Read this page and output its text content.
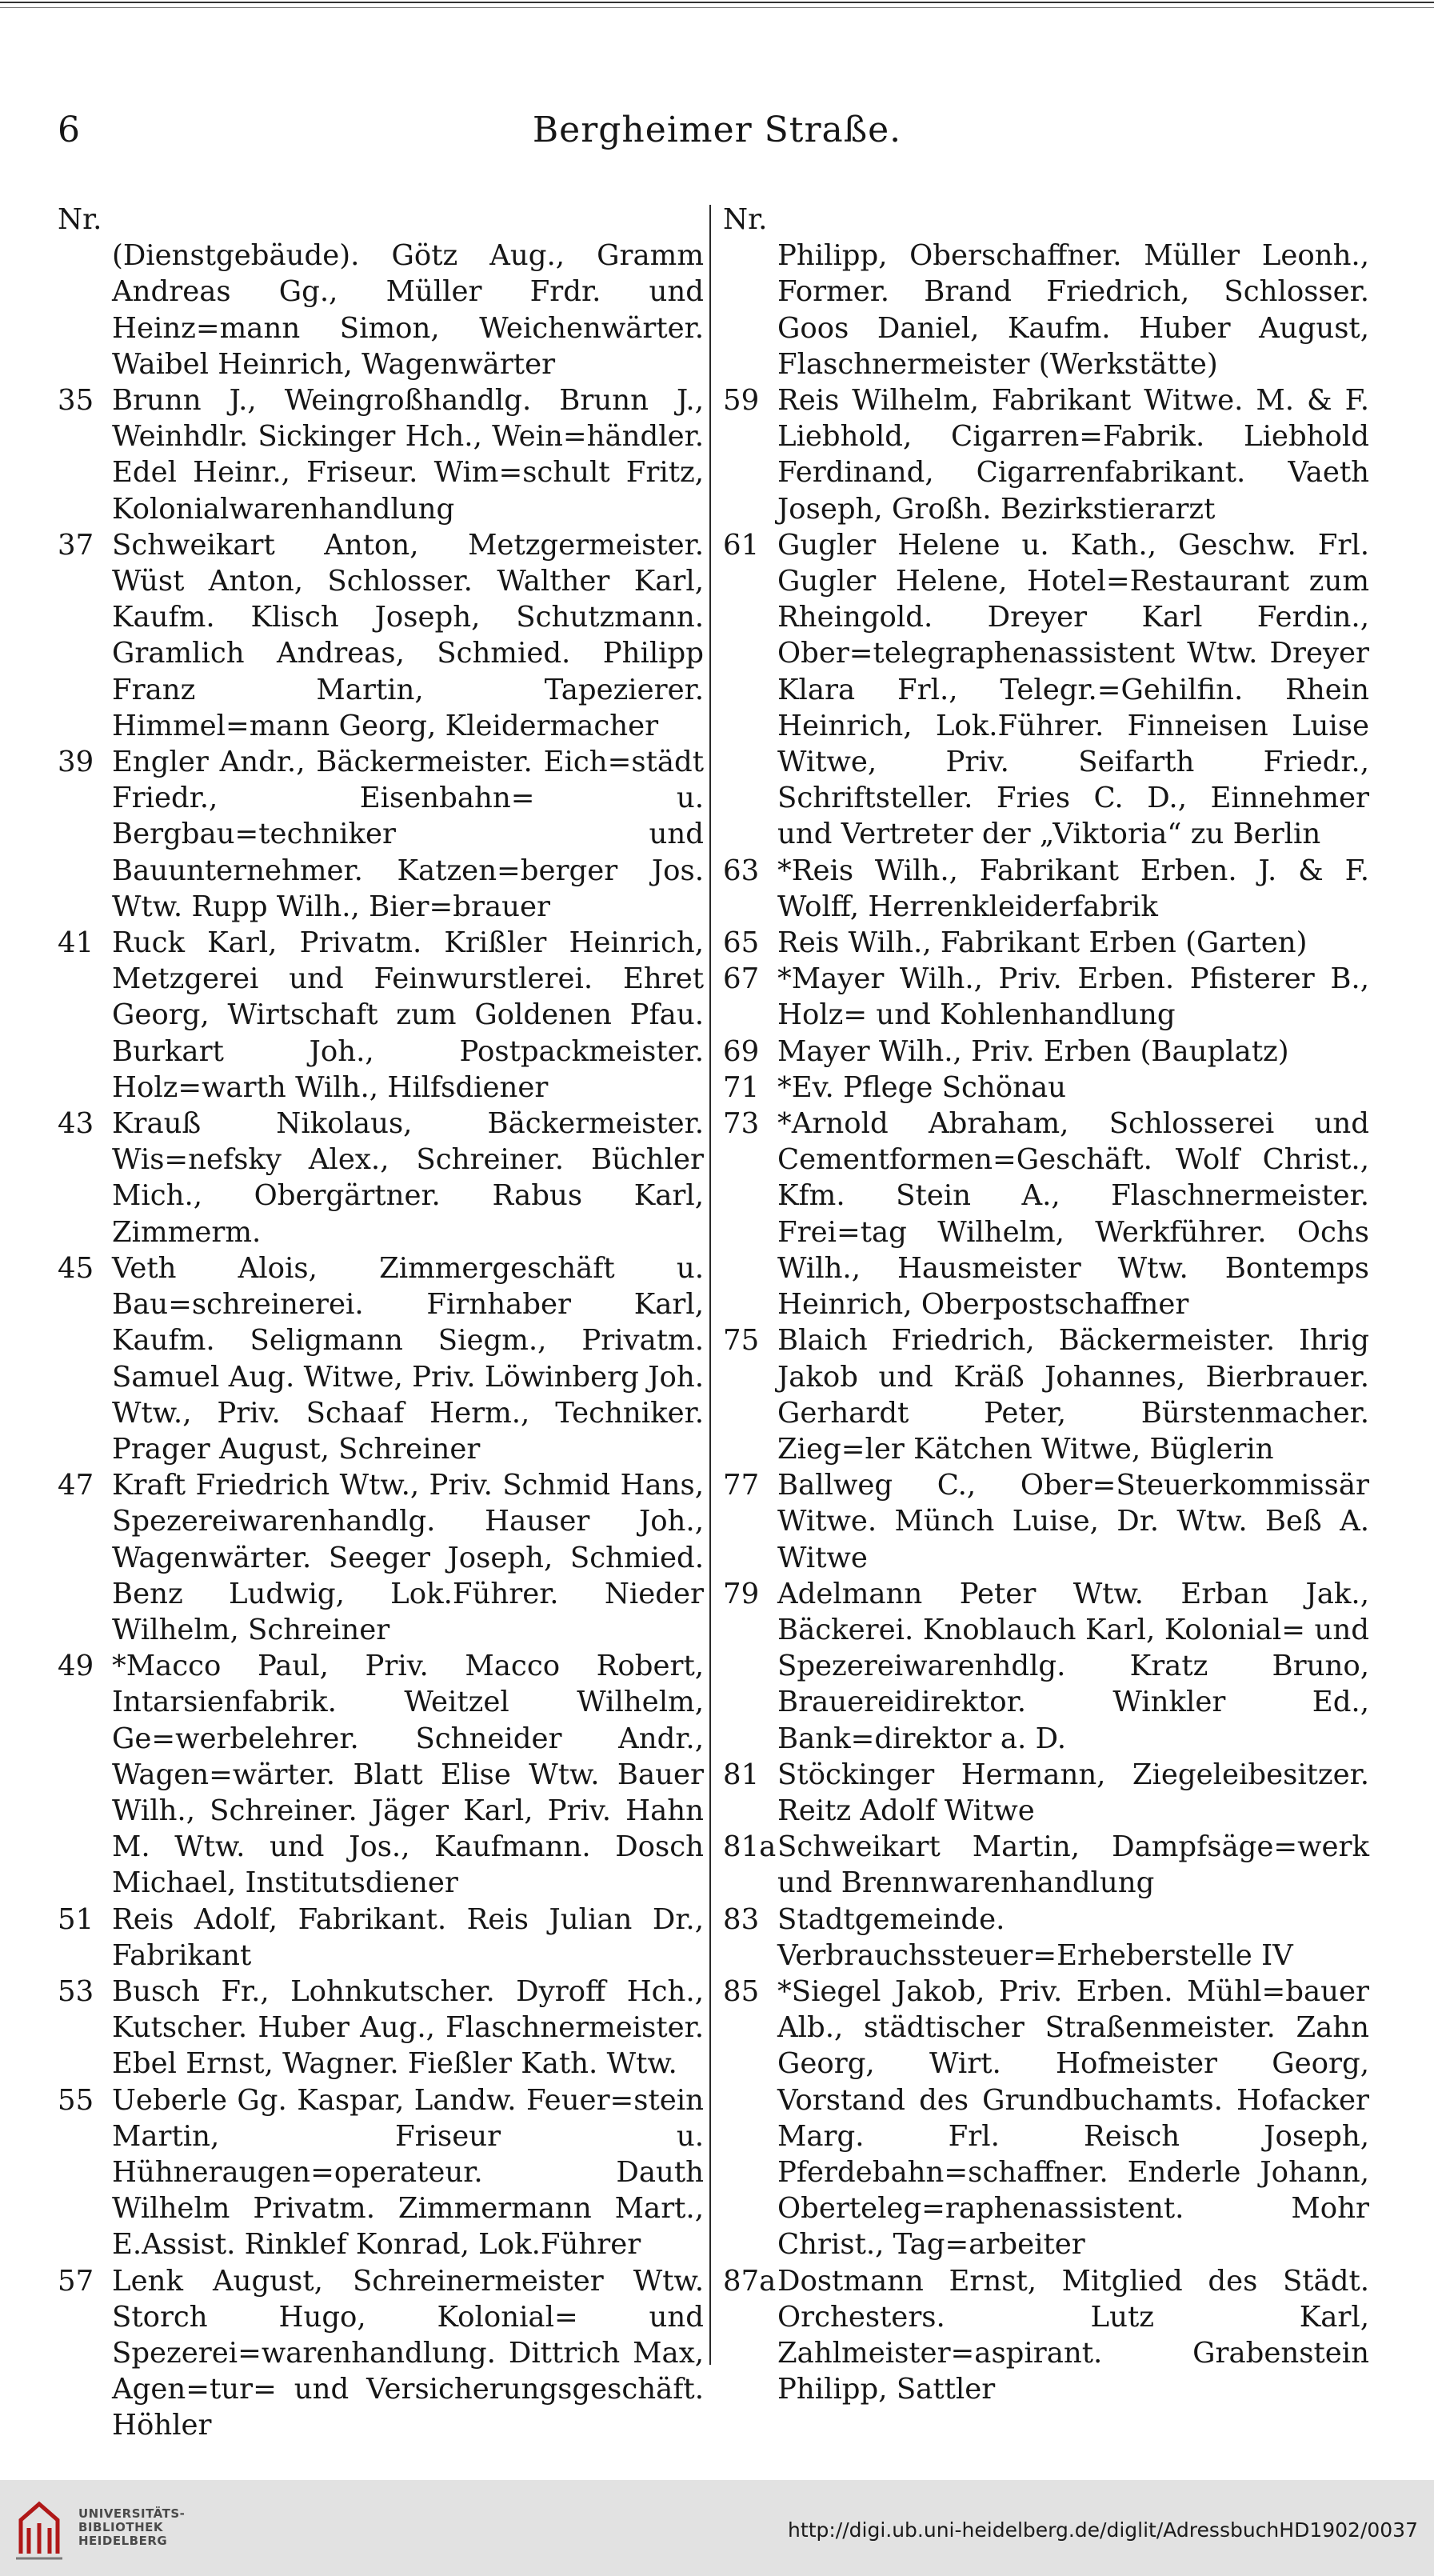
6	Bergheimer Straße.
Nr.
(Dienstgebäude). Götz Aug., Gramm Andreas Gg., Müller Frdr. und Heinz=mann Simon, Weichenwärter. Waibel Heinrich, Wagenwärter
35 Brunn J., Weingroßhandlg. Brunn J., Weinhdlr. Sickinger Hch., Wein=händler. Edel Heinr., Friseur. Wim=schult Fritz, Kolonialwarenhandlung
37 Schweikart Anton, Metzgermeister. Wüst Anton, Schlosser. Walther Karl, Kaufm. Klisch Joseph, Schutzmann. Gramlich Andreas, Schmied. Philipp Franz Martin, Tapezierer. Himmel=mann Georg, Kleidermacher
39 Engler Andr., Bäckermeister. Eich=städt Friedr., Eisenbahn= u. Bergbau=techniker und Bauunternehmer. Katzen=berger Jos. Wtw. Rupp Wilh., Bier=brauer
41 Ruck Karl, Privatm. Krißler Heinrich, Metzgerei und Feinwurstlerei. Ehret Georg, Wirtschaft zum Goldenen Pfau. Burkart Joh., Postpackmeister. Holz=warth Wilh., Hilfsdiener
43 Krauß Nikolaus, Bäckermeister. Wis=nefsky Alex., Schreiner. Büchler Mich., Obergärtner. Rabus Karl, Zimmerm.
45 Veth Alois, Zimmergeschäft u. Bau=schreinerei. Firnhaber Karl, Kaufm. Seligmann Siegm., Privatm. Samuel Aug. Witwe, Priv. Löwinberg Joh. Wtw., Priv. Schaaf Herm., Techniker. Prager August, Schreiner
47 Kraft Friedrich Wtw., Priv. Schmid Hans, Spezereiwarenhandlg. Hauser Joh., Wagenwärter. Seeger Joseph, Schmied. Benz Ludwig, Lok.Führer. Nieder Wilhelm, Schreiner
49 *Macco Paul, Priv. Macco Robert, Intarsienfabrik. Weitzel Wilhelm, Ge=werbelehrer. Schneider Andr., Wagen=wärter. Blatt Elise Wtw. Bauer Wilh., Schreiner. Jäger Karl, Priv. Hahn M. Wtw. und Jos., Kaufmann. Dosch Michael, Institutsdiener
51 Reis Adolf, Fabrikant. Reis Julian Dr., Fabrikant
53 Busch Fr., Lohnkutscher. Dyroff Hch., Kutscher. Huber Aug., Flaschnermeister. Ebel Ernst, Wagner. Fießler Kath. Wtw.
55 Ueberle Gg. Kaspar, Landw. Feuer=stein Martin, Friseur u. Hühneraugen=operateur. Dauth Wilhelm Privatm. Zimmermann Mart., E.Assist. Rinklef Konrad, Lok.Führer
57 Lenk August, Schreinermeister Wtw. Storch Hugo, Kolonial= und Spezerei=warenhandlung. Dittrich Max, Agen=tur= und Versicherungsgeschäft. Höhler
Nr.
Philipp, Oberschaffner. Müller Leonh., Former. Brand Friedrich, Schlosser. Goos Daniel, Kaufm. Huber August, Flaschnermeister (Werkstätte)
59 Reis Wilhelm, Fabrikant Witwe. M. & F. Liebhold, Cigarren=Fabrik. Liebhold Ferdinand, Cigarrenfabrikant. Vaeth Joseph, Großh. Bezirkstierarzt
61 Gugler Helene u. Kath., Geschw. Frl. Gugler Helene, Hotel=Restaurant zum Rheingold. Dreyer Karl Ferdin., Ober=telegraphenassistent Wtw. Dreyer Klara Frl., Telegr.=Gehilfin. Rhein Heinrich, Lok.Führer. Finneisen Luise Witwe, Priv. Seifarth Friedr., Schriftsteller. Fries C. D., Einnehmer und Vertreter der „Viktoria“ zu Berlin
63 *Reis Wilh., Fabrikant Erben. J. & F. Wolff, Herrenkleiderfabrik
65 Reis Wilh., Fabrikant Erben (Garten)
67 *Mayer Wilh., Priv. Erben. Pfisterer B., Holz= und Kohlenhandlung
69 Mayer Wilh., Priv. Erben (Bauplatz)
71 *Ev. Pflege Schönau
73 *Arnold Abraham, Schlosserei und Cementformen=Geschäft. Wolf Christ., Kfm. Stein A., Flaschnermeister. Frei=tag Wilhelm, Werkführer. Ochs Wilh., Hausmeister Wtw. Bontemps Heinrich, Oberpostschaffner
75 Blaich Friedrich, Bäckermeister. Ihrig Jakob und Kräß Johannes, Bierbrauer. Gerhardt Peter, Bürstenmacher. Zieg=ler Kätchen Witwe, Büglerin
77 Ballweg C., Ober=Steuerkommissär Witwe. Münch Luise, Dr. Wtw. Beß A. Witwe
79 Adelmann Peter Wtw. Erban Jak., Bäckerei. Knoblauch Karl, Kolonial= und Spezereiwarenhdlg. Kratz Bruno, Brauereidirektor. Winkler Ed., Bank=direktor a. D.
81 Stöckinger Hermann, Ziegeleibesitzer. Reitz Adolf Witwe
81a Schweikart Martin, Dampfsäge=werk und Brennwarenhandlung
83 Stadtgemeinde. Verbrauchssteuer=Erheberstelle IV
85 *Siegel Jakob, Priv. Erben. Mühl=bauer Alb., städtischer Straßenmeister. Zahn Georg, Wirt. Hofmeister Georg, Vorstand des Grundbuchamts. Hofacker Marg. Frl. Reisch Joseph, Pferdebahn=schaffner. Enderle Johann, Oberteleg=raphenassistent. Mohr Christ., Tag=arbeiter
87a Dostmann Ernst, Mitglied des Städt. Orchesters. Lutz Karl, Zahlmeister=aspirant. Grabenstein Philipp, Sattler
UNIVERSITÄTS-
BIBLIOTHEK
HEIDELBERG	http://digi.ub.uni-heidelberg.de/diglit/AdressbuchHD1902/0037
